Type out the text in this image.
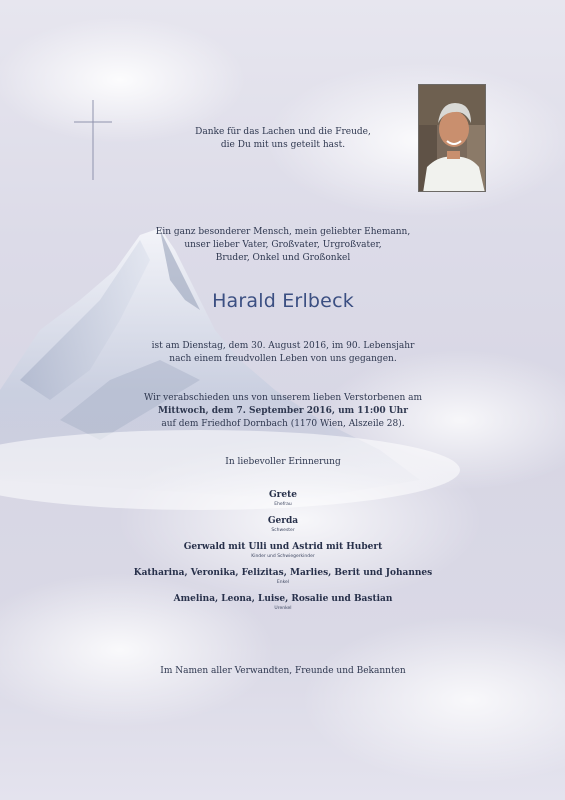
Danke für das Lachen und die Freude,
die Du mit uns geteilt hast.
Ein ganz besonderer Mensch, mein geliebter Ehemann,
unser lieber Vater, Großvater, Urgroßvater,
Bruder, Onkel und Großonkel
Harald Erlbeck
ist am Dienstag, dem 30. August 2016, im 90. Lebensjahr
nach einem freudvollen Leben von uns gegangen.
Wir verabschieden uns von unserem lieben Verstorbenen am
Mittwoch, dem 7. September 2016, um 11:00 Uhr
auf dem Friedhof Dornbach (1170 Wien, Alszeile 28).
In liebevoller Erinnerung
Grete
Ehefrau
Gerda
Schwester
Gerwald mit Ulli und Astrid mit Hubert
Kinder und Schwiegerkinder
Katharina, Veronika, Felizitas, Marlies, Berit und Johannes
Enkel
Amelina, Leona, Luise, Rosalie und Bastian
Urenkel
Im Namen aller Verwandten, Freunde und Bekannten
